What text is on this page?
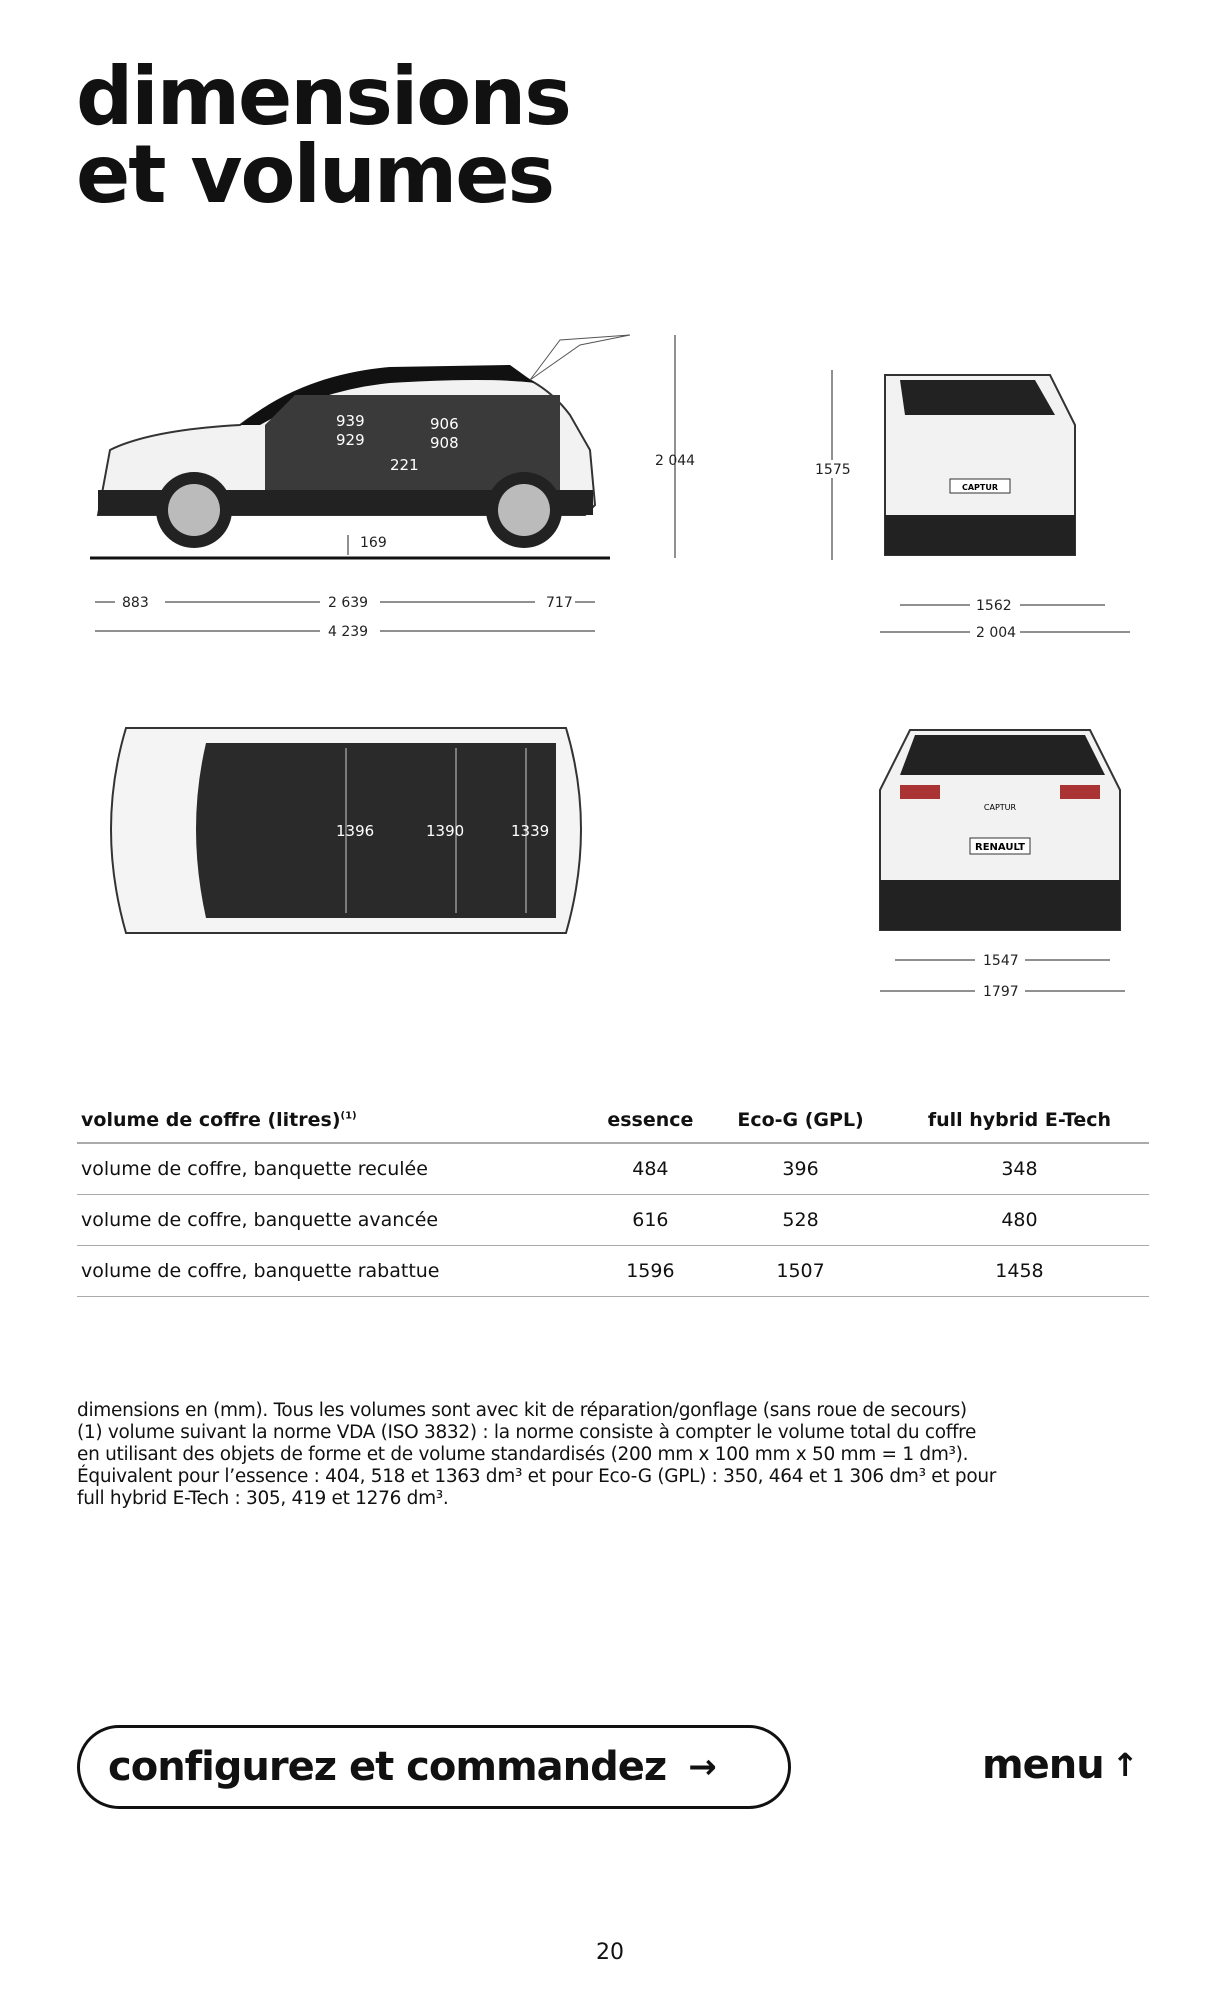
dimensions
et volumes
939
929
906
908
221
169
2 044
883	2 639	717
4 239
CAPTUR
1575
1562
2 004
1396	1390	1339
CAPTUR
RENAULT
1547
1797
volume de coffre (litres)$^{(1)}$	essence	Eco-G (GPL)	full hybrid E-Tech
volume de coffre, banquette reculée	484	396	348
volume de coffre, banquette avancée	616	528	480
volume de coffre, banquette rabattue	1596	1507	1458
dimensions en (mm). Tous les volumes sont avec kit de réparation/gonflage (sans roue de secours)
(1) volume suivant la norme VDA (ISO 3832) : la norme consiste à compter le volume total du coffre
en utilisant des objets de forme et de volume standardisés (200 mm x 100 mm x 50 mm = 1 dm³).
Équivalent pour l’essence : 404, 518 et 1363 dm³ et pour Eco-G (GPL) : 350, 464 et 1 306 dm³ et pour
full hybrid E-Tech : 305, 419 et 1276 dm³.
configurez et commandez →	menu ↑
20
